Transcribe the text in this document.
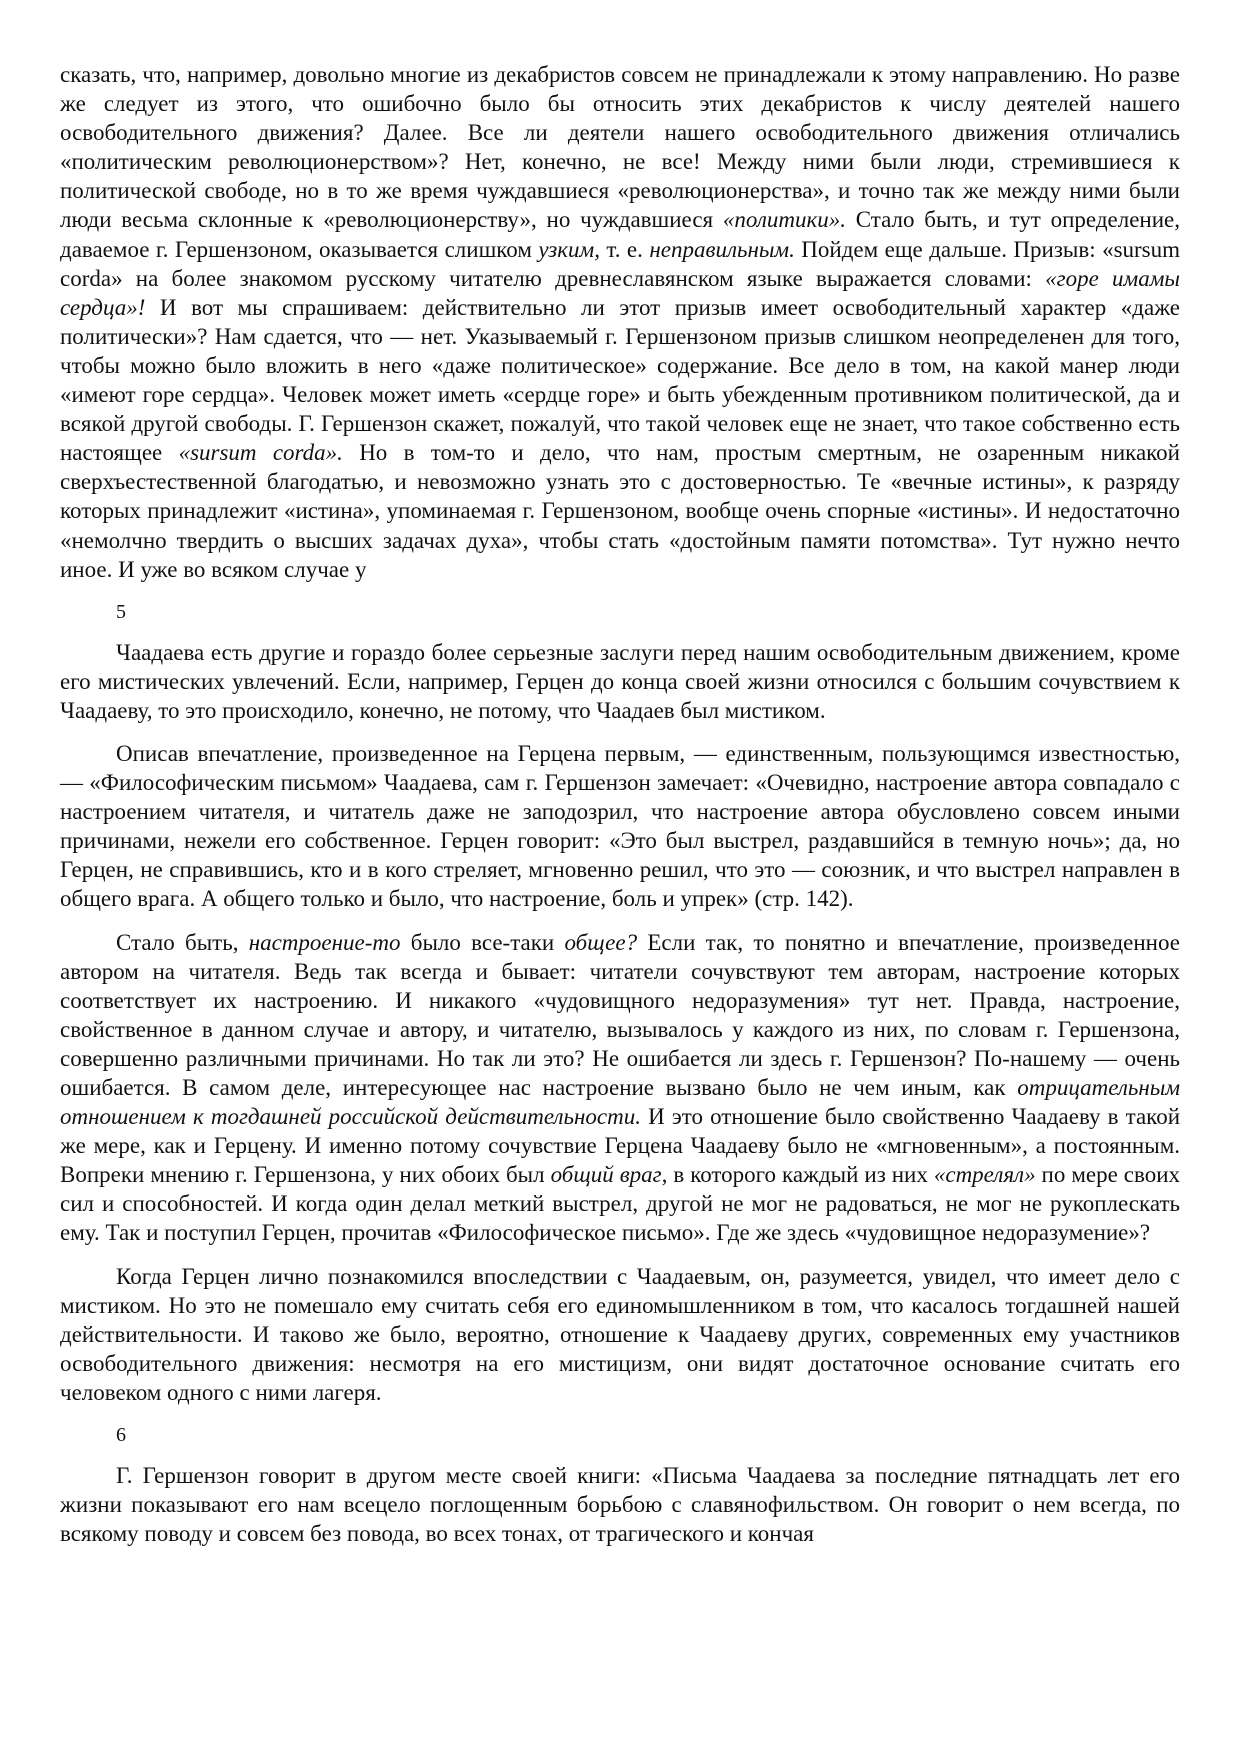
сказать, что, например, довольно многие из декабристов совсем не принадлежали к этому направлению. Но разве же следует из этого, что ошибочно было бы относить этих декабристов к числу деятелей нашего освободительного движения? Далее. Все ли деятели нашего освободительного движения отличались «политическим революционерством»? Нет, конечно, не все! Между ними были люди, стремившиеся к политической свободе, но в то же время чуждавшиеся «революционерства», и точно так же между ними были люди весьма склонные к «революционерству», но чуждавшиеся «политики». Стало быть, и тут определение, даваемое г. Гершензоном, оказывается слишком узким, т. е. неправильным. Пойдем еще дальше. Призыв: «sursum corda» на более знакомом русскому читателю древнеславянском языке выражается словами: «горе имамы сердца»! И вот мы спрашиваем: действительно ли этот призыв имеет освободительный характер «даже политически»? Нам сдается, что — нет. Указываемый г. Гершензоном призыв слишком неопределенен для того, чтобы можно было вложить в него «даже политическое» содержание. Все дело в том, на какой манер люди «имеют горе сердца». Человек может иметь «сердце горе» и быть убежденным противником политической, да и всякой другой свободы. Г. Гершензон скажет, пожалуй, что такой человек еще не знает, что такое собственно есть настоящее «sursum corda». Но в том-то и дело, что нам, простым смертным, не озаренным никакой сверхъестественной благодатью, и невозможно узнать это с достоверностью. Те «вечные истины», к разряду которых принадлежит «истина», упоминаемая г. Гершензоном, вообще очень спорные «истины». И недостаточно «немолчно твердить о высших задачах духа», чтобы стать «достойным памяти потомства». Тут нужно нечто иное. И уже во всяком случае у

5

Чаадаева есть другие и гораздо более серьезные заслуги перед нашим освободительным движением, кроме его мистических увлечений. Если, например, Герцен до конца своей жизни относился с большим сочувствием к Чаадаеву, то это происходило, конечно, не потому, что Чаадаев был мистиком.

Описав впечатление, произведенное на Герцена первым, — единственным, пользующимся известностью, — «Философическим письмом» Чаадаева, сам г. Гершензон замечает: «Очевидно, настроение автора совпадало с настроением читателя, и читатель даже не заподозрил, что настроение автора обусловлено совсем иными причинами, нежели его собственное. Герцен говорит: «Это был выстрел, раздавшийся в темную ночь»; да, но Герцен, не справившись, кто и в кого стреляет, мгновенно решил, что это — союзник, и что выстрел направлен в общего врага. А общего только и было, что настроение, боль и упрек» (стр. 142).

Стало быть, настроение-то было все-таки общее? Если так, то понятно и впечатление, произведенное автором на читателя. Ведь так всегда и бывает: читатели сочувствуют тем авторам, настроение которых соответствует их настроению. И никакого «чудовищного недоразумения» тут нет. Правда, настроение, свойственное в данном случае и автору, и читателю, вызывалось у каждого из них, по словам г. Гершензона, совершенно различными причинами. Но так ли это? Не ошибается ли здесь г. Гершензон? По-нашему — очень ошибается. В самом деле, интересующее нас настроение вызвано было не чем иным, как отрицательным отношением к тогдашней российской действительности. И это отношение было свойственно Чаадаеву в такой же мере, как и Герцену. И именно потому сочувствие Герцена Чаадаеву было не «мгновенным», а постоянным. Вопреки мнению г. Гершензона, у них обоих был общий враг, в которого каждый из них «стрелял» по мере своих сил и способностей. И когда один делал меткий выстрел, другой не мог не радоваться, не мог не рукоплескать ему. Так и поступил Герцен, прочитав «Философическое письмо». Где же здесь «чудовищное недоразумение»?

Когда Герцен лично познакомился впоследствии с Чаадаевым, он, разумеется, увидел, что имеет дело с мистиком. Но это не помешало ему считать себя его единомышленником в том, что касалось тогдашней нашей действительности. И таково же было, вероятно, отношение к Чаадаеву других, современных ему участников освободительного движения: несмотря на его мистицизм, они видят достаточное основание считать его человеком одного с ними лагеря.

6

Г. Гершензон говорит в другом месте своей книги: «Письма Чаадаева за последние пятнадцать лет его жизни показывают его нам всецело поглощенным борьбою с славянофильством. Он говорит о нем всегда, по всякому поводу и совсем без повода, во всех тонах, от трагического и кончая
